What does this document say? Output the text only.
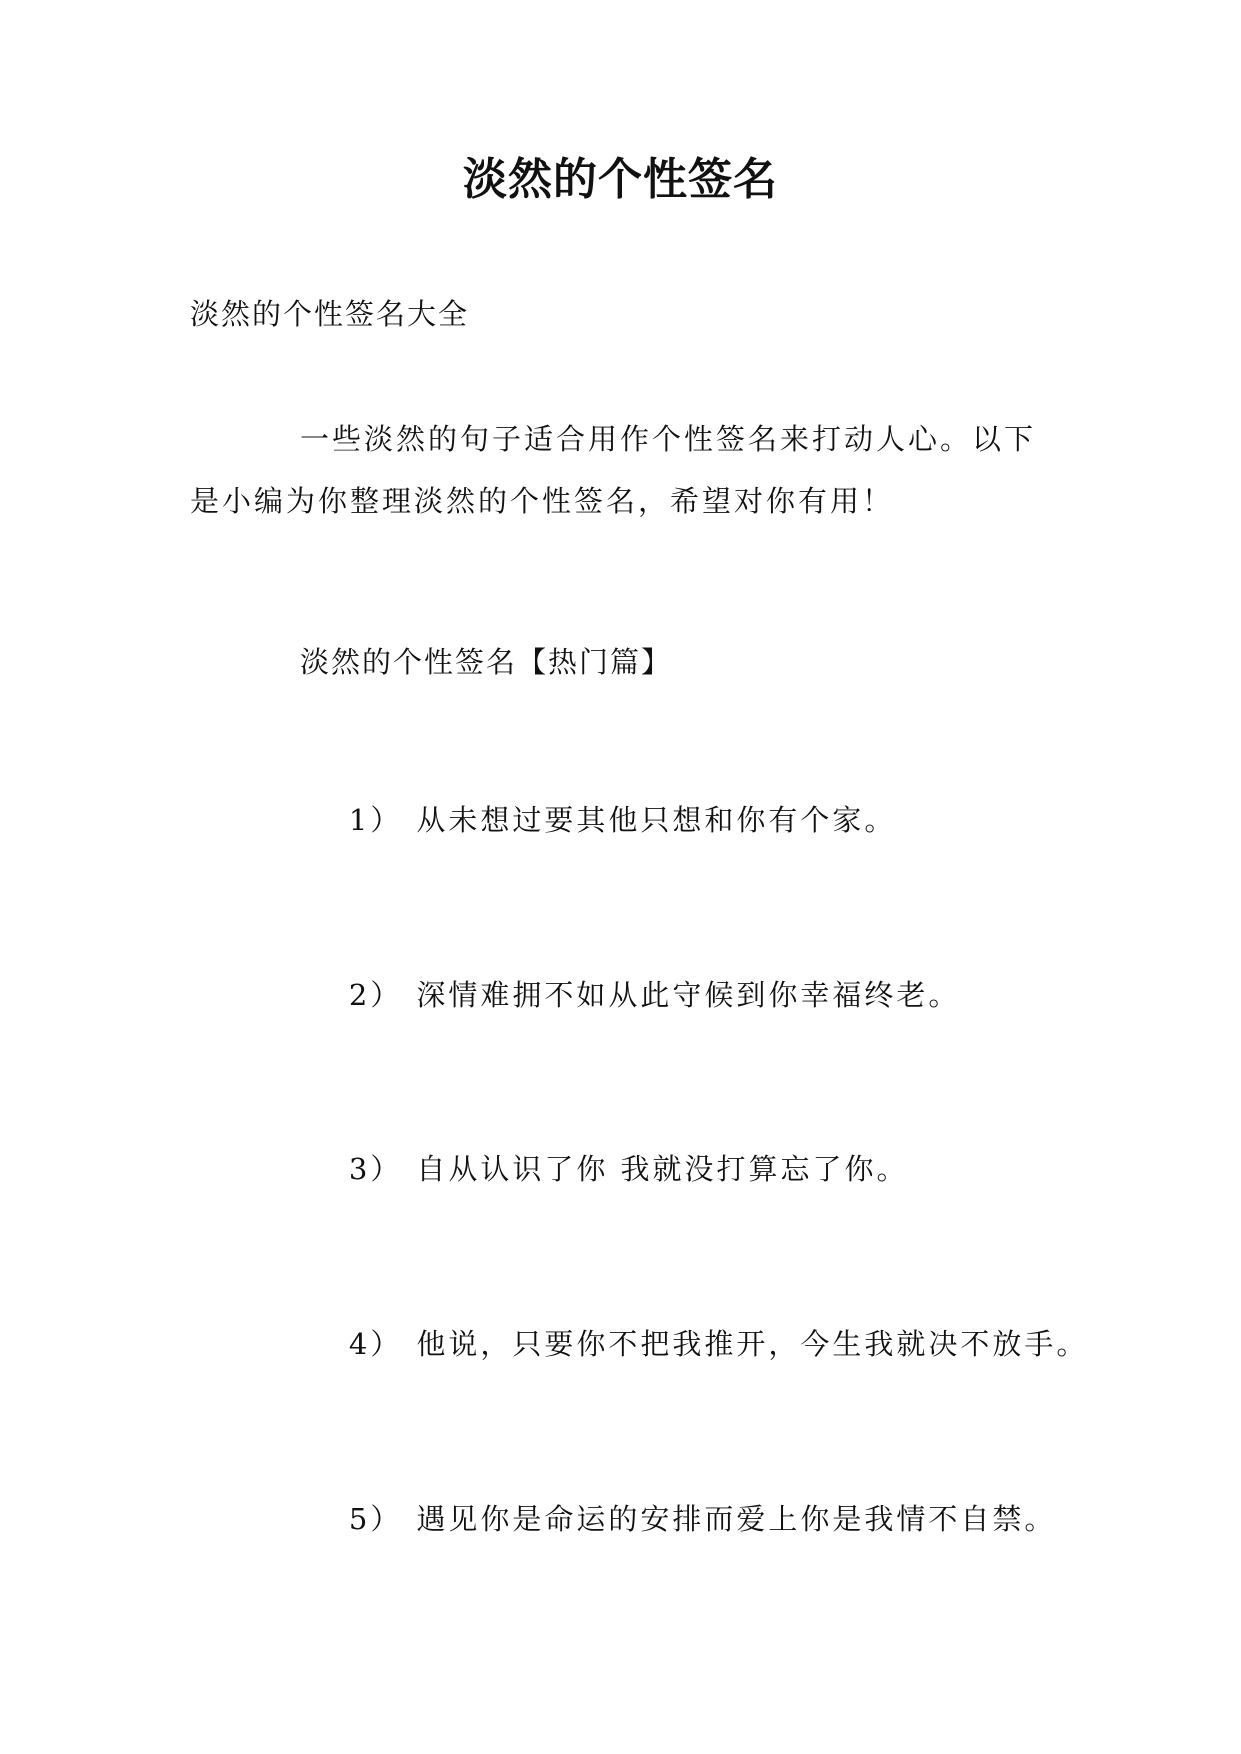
淡然的个性签名
淡然的个性签名大全
一些淡然的句子适合用作个性签名来打动人心。以下是小编为你整理淡然的个性签名，希望对你有用！
淡然的个性签名【热门篇】

1） 从未想过要其他只想和你有个家。

2） 深情难拥不如从此守候到你幸福终老。

3） 自从认识了你 我就没打算忘了你。

4） 他说，只要你不把我推开，今生我就决不放手。

5） 遇见你是命运的安排而爱上你是我情不自禁。
